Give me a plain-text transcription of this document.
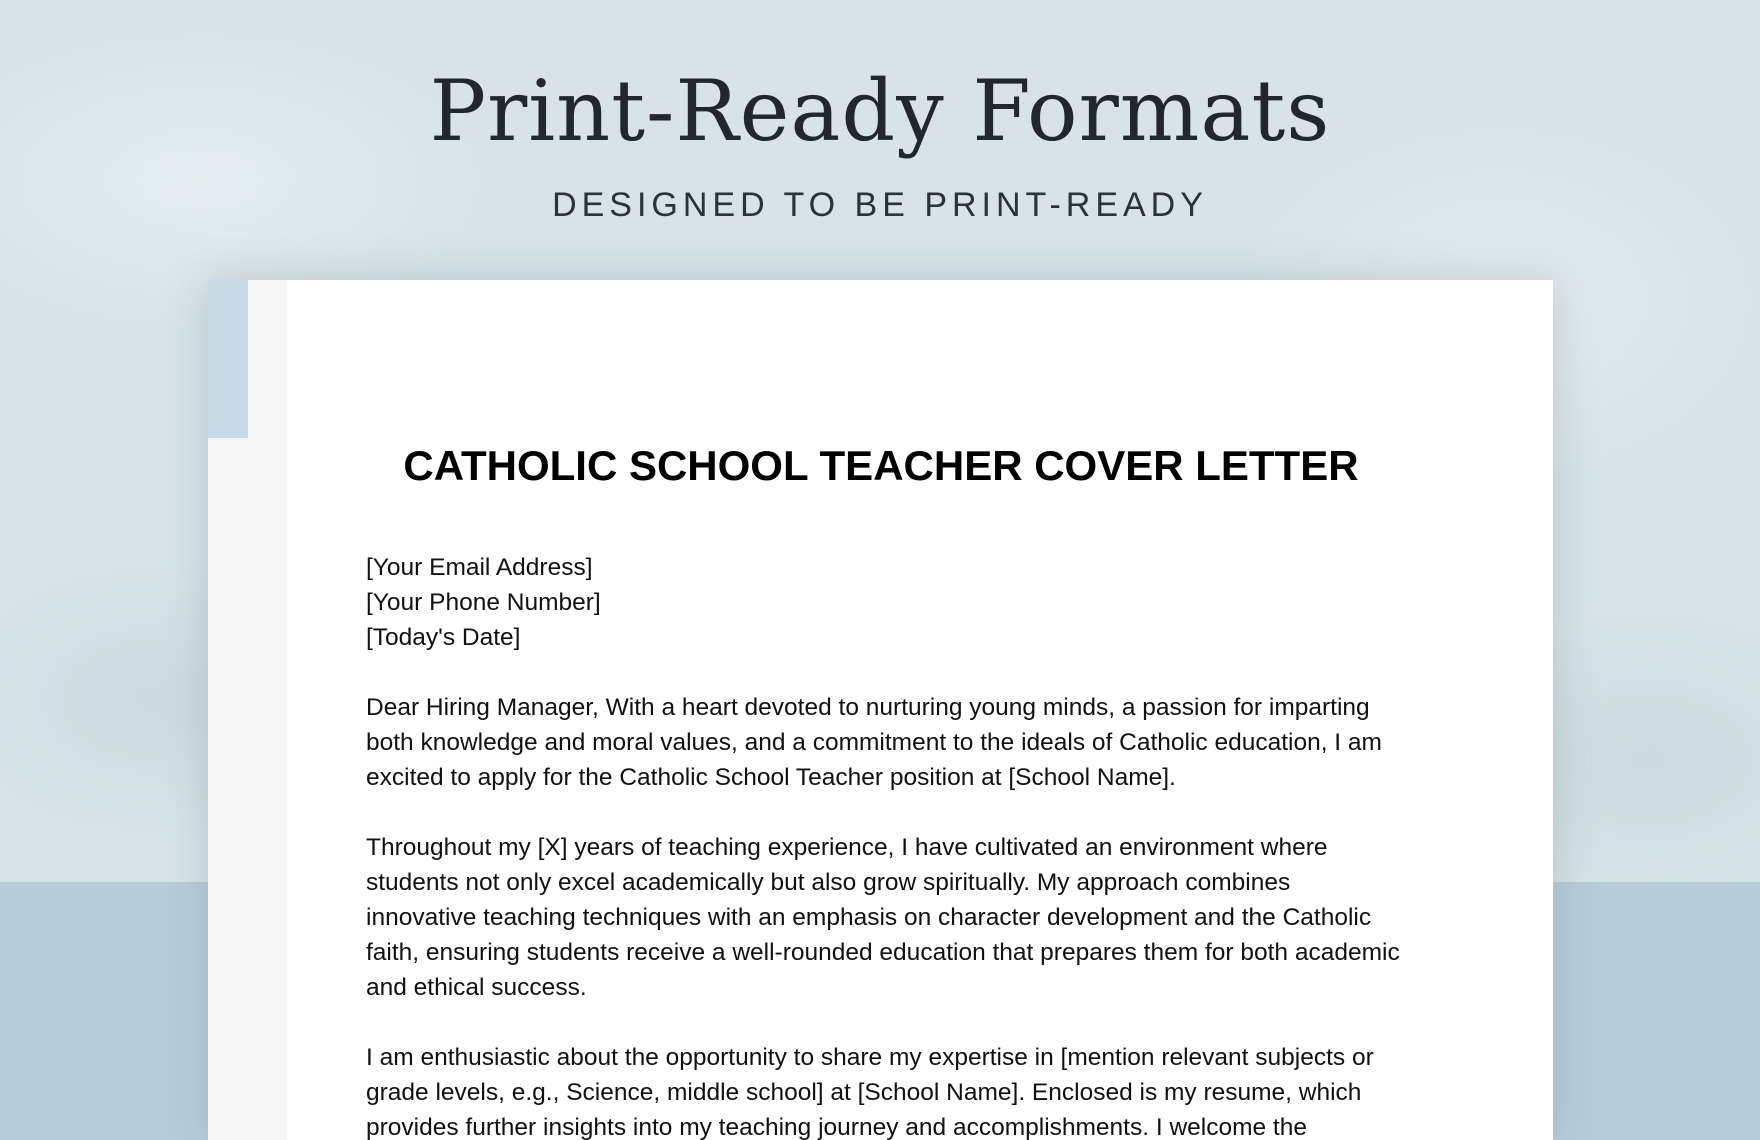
Print-Ready Formats
DESIGNED TO BE PRINT-READY
CATHOLIC SCHOOL TEACHER COVER LETTER

[Your Email Address]

[Your Phone Number]

[Today's Date]

Dear Hiring Manager, With a heart devoted to nurturing young minds, a passion for imparting both knowledge and moral values, and a commitment to the ideals of Catholic education, I am excited to apply for the Catholic School Teacher position at [School Name].

Throughout my [X] years of teaching experience, I have cultivated an environment where students not only excel academically but also grow spiritually. My approach combines innovative teaching techniques with an emphasis on character development and the Catholic faith, ensuring students receive a well-rounded education that prepares them for both academic and ethical success.

I am enthusiastic about the opportunity to share my expertise in [mention relevant subjects or grade levels, e.g., Science, middle school] at [School Name]. Enclosed is my resume, which provides further insights into my teaching journey and accomplishments. I welcome the
